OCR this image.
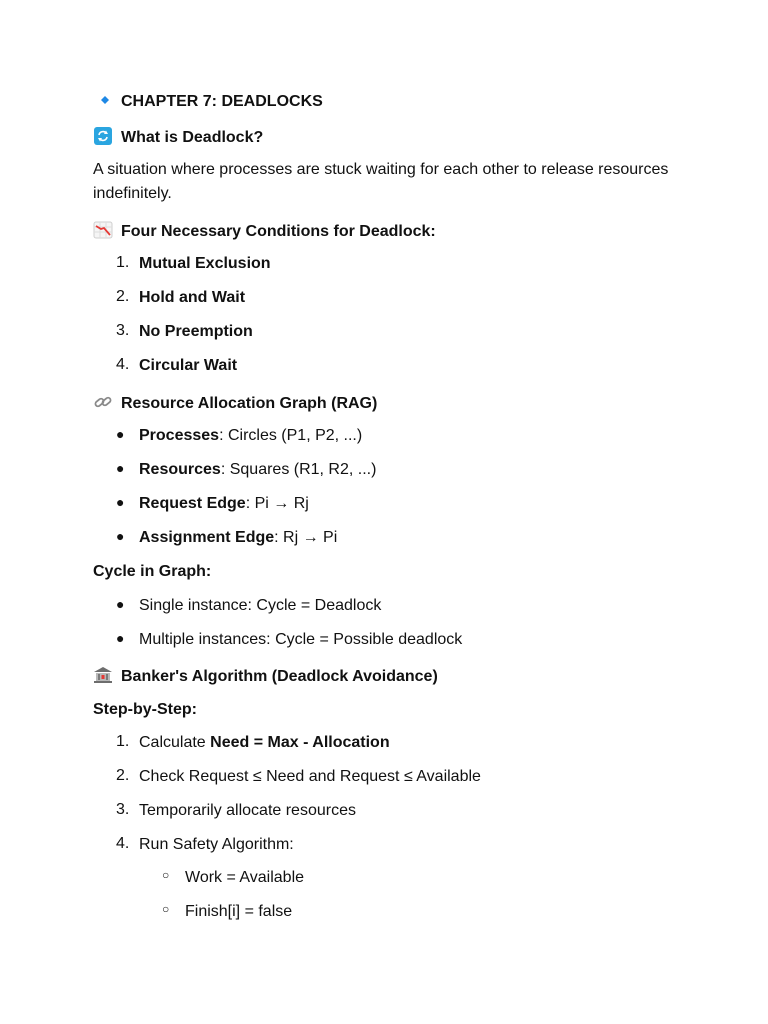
CHAPTER 7: DEADLOCKS
What is Deadlock?
A situation where processes are stuck waiting for each other to release resources indefinitely.
Four Necessary Conditions for Deadlock:
1. Mutual Exclusion
2. Hold and Wait
3. No Preemption
4. Circular Wait
Resource Allocation Graph (RAG)
● Processes: Circles (P1, P2, ...)
● Resources: Squares (R1, R2, ...)
● Request Edge: Pi → Rj
● Assignment Edge: Rj → Pi
Cycle in Graph:
● Single instance: Cycle = Deadlock
● Multiple instances: Cycle = Possible deadlock
Banker's Algorithm (Deadlock Avoidance)
Step-by-Step:
1. Calculate Need = Max - Allocation
2. Check Request ≤ Need and Request ≤ Available
3. Temporarily allocate resources
4. Run Safety Algorithm:
○ Work = Available
○ Finish[i] = false
